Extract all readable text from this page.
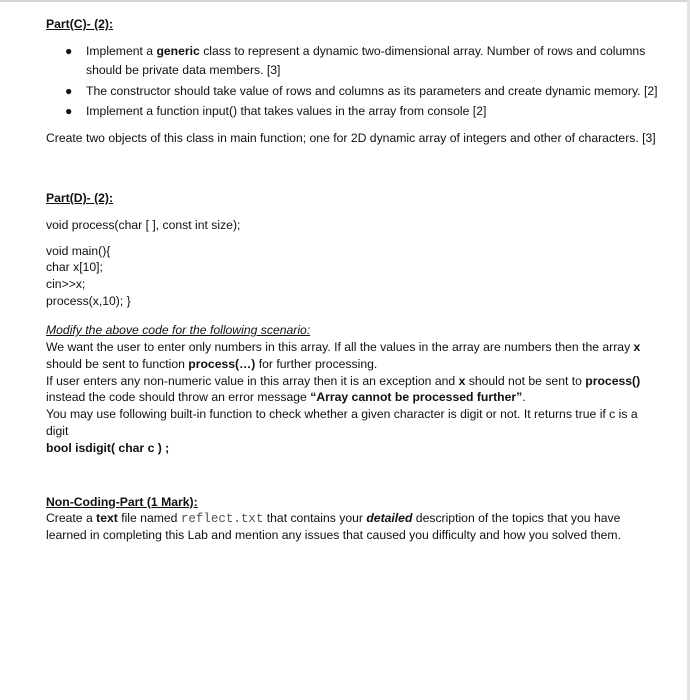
Part(C)- (2):

● Implement a generic class to represent a dynamic two-dimensional array. Number of rows and columns should be private data members. [3]
● The constructor should take value of rows and columns as its parameters and create dynamic memory. [2]
● Implement a function input() that takes values in the array from console [2]

Create two objects of this class in main function; one for 2D dynamic array of integers and other of characters. [3]

Part(D)- (2):

void process(char [ ], const int size);

void main(){

char x[10];

cin>>x;

process(x,10); }

Modify the above code for the following scenario:

We want the user to enter only numbers in this array. If all the values in the array are numbers then the array x should be sent to function process(…) for further processing.

If user enters any non-numeric value in this array then it is an exception and x should not be sent to process() instead the code should throw an error message “Array cannot be processed further”.

You may use following built-in function to check whether a given character is digit or not. It returns true if c is a digit

bool isdigit( char c ) ;

Non-Coding-Part (1 Mark):

Create a text file named reflect.txt that contains your detailed description of the topics that you have learned in completing this Lab and mention any issues that caused you difficulty and how you solved them.
